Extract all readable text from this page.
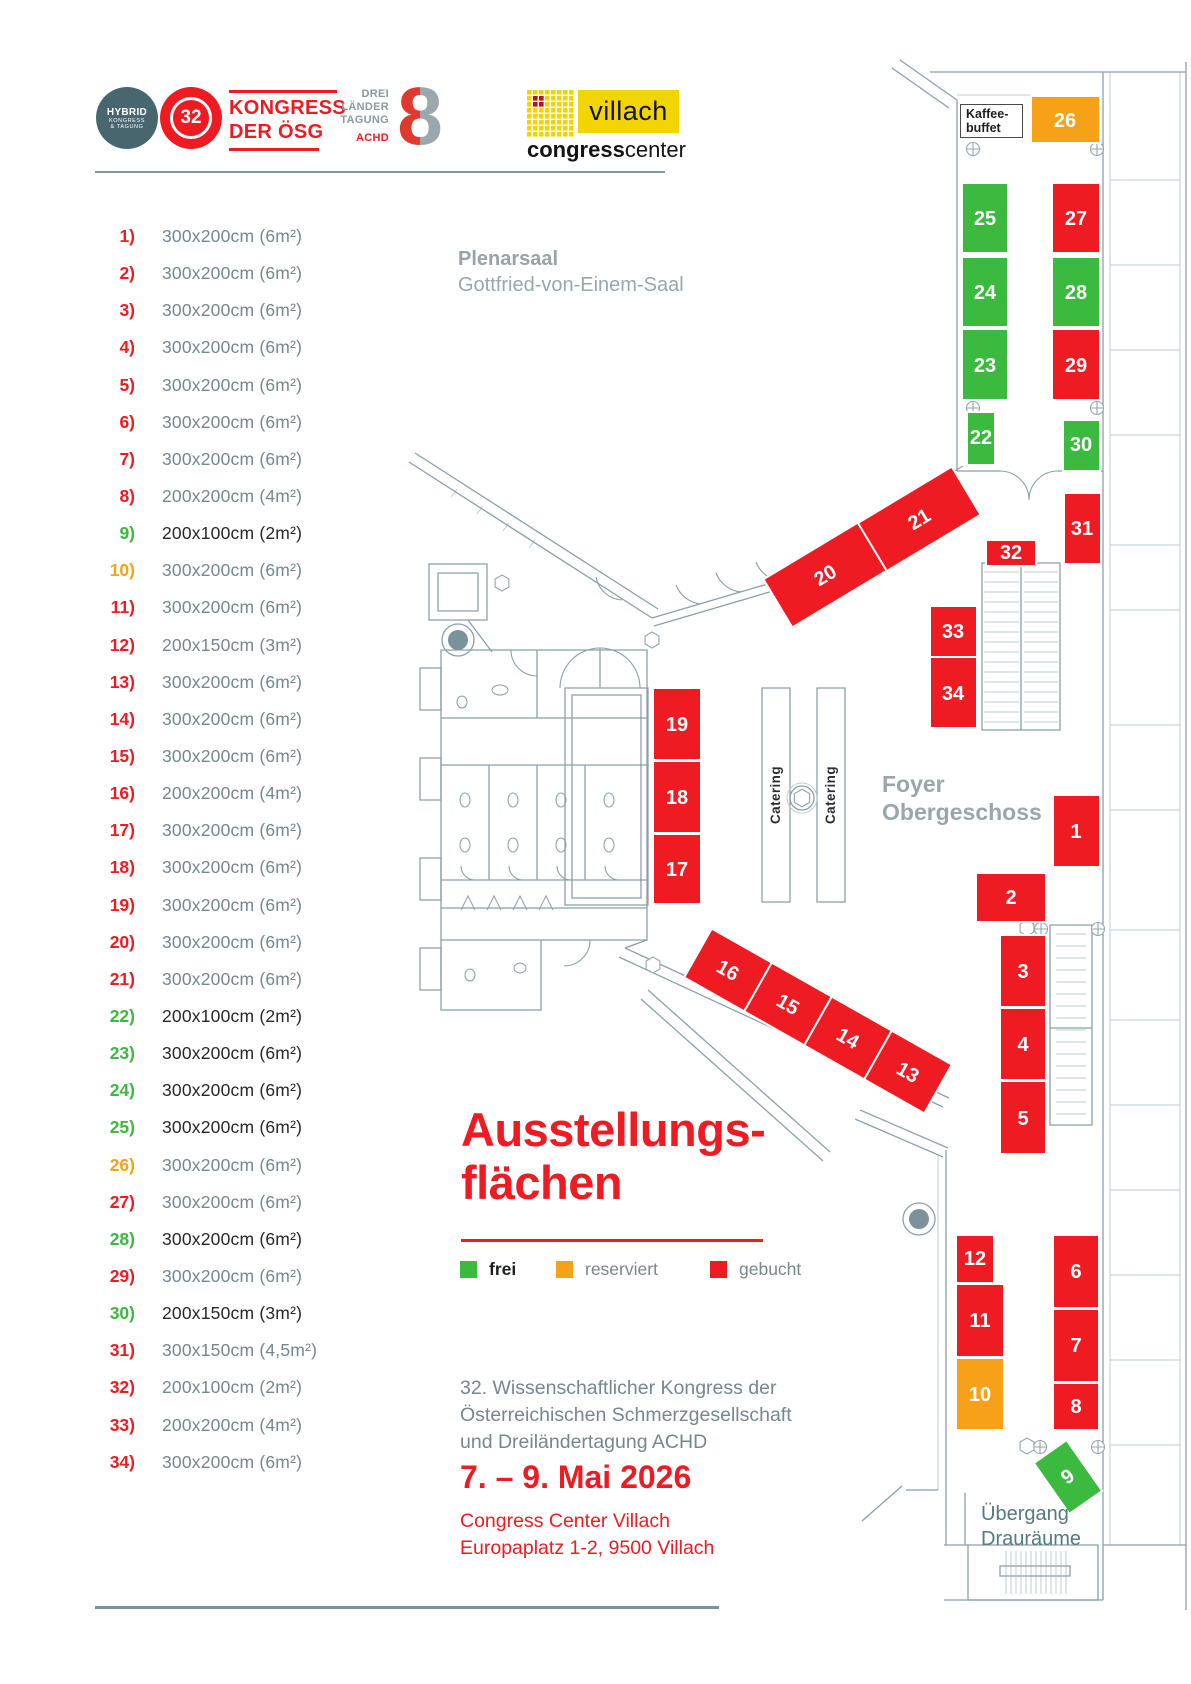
26
25	27
24	28
23	29
22	30
21
20
31
32
33
34
19
18
17
16
15
14
13
1
2
3
4
5
12
11
10
6
7
8
9
HYBRID
KONGRESS
& TAGUNG 32 KONGRESS
DER ÖSG
DREI
LÄNDER
TAGUNG
ACHD 8	villach
congresscenter
1) 300x200cm (6m²)
2) 300x200cm (6m²)
3) 300x200cm (6m²)
4) 300x200cm (6m²)
5) 300x200cm (6m²)
6) 300x200cm (6m²)
7) 300x200cm (6m²)
8) 200x200cm (4m²)
9) 200x100cm (2m²)
10) 300x200cm (6m²)
11) 300x200cm (6m²)
12) 200x150cm (3m²)
13) 300x200cm (6m²)
14) 300x200cm (6m²)
15) 300x200cm (6m²)
16) 200x200cm (4m²)
17) 300x200cm (6m²)
18) 300x200cm (6m²)
19) 300x200cm (6m²)
20) 300x200cm (6m²)
21) 300x200cm (6m²)
22) 200x100cm (2m²)
23) 300x200cm (6m²)
24) 300x200cm (6m²)
25) 300x200cm (6m²)
26) 300x200cm (6m²)
27) 300x200cm (6m²)
28) 300x200cm (6m²)
29) 300x200cm (6m²)
30) 200x150cm (3m²)
31) 300x150cm (4,5m²)
32) 200x100cm (2m²)
33) 200x200cm (4m²)
34) 300x200cm (6m²)
Plenarsaal
Gottfried-von-Einem-Saal
Kaffee-
buffet
Catering	Catering	Foyer
Obergeschoss
Übergang
Drauräume
Ausstellungs-
flächen
frei	reserviert	gebucht
32. Wissenschaftlicher Kongress der
Österreichischen Schmerzgesellschaft
und Dreiländertagung ACHD
7. – 9. Mai 2026
Congress Center Villach
Europaplatz 1-2, 9500 Villach
